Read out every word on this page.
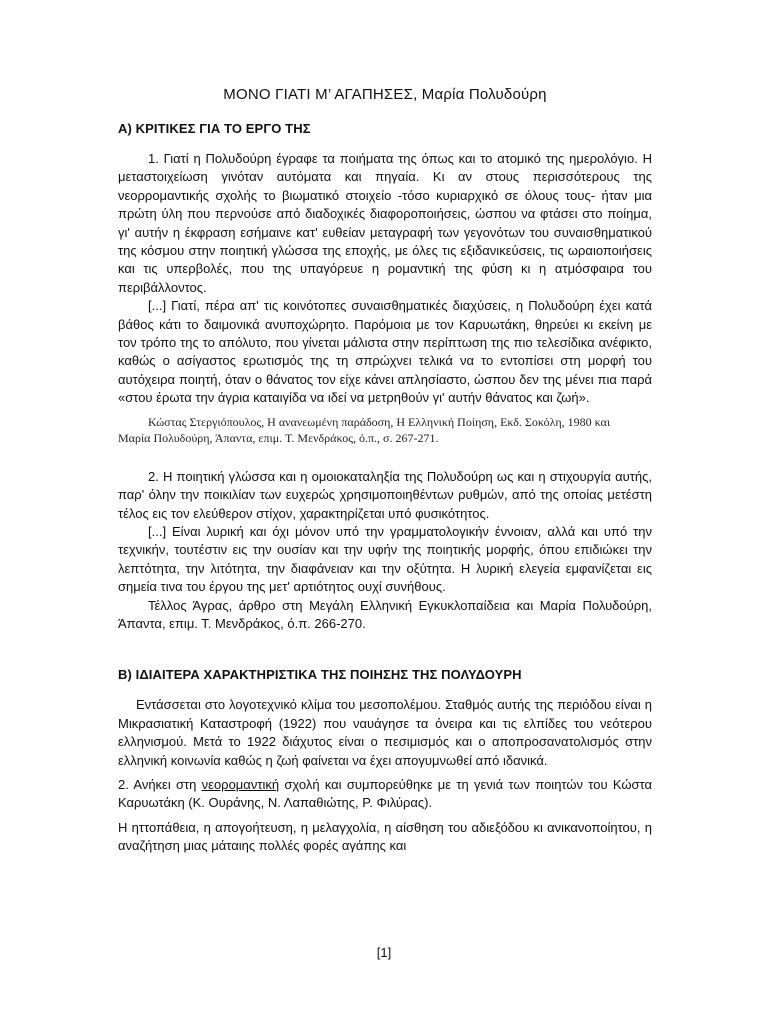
ΜΟΝΟ ΓΙΑΤΙ Μ’ ΑΓΑΠΗΣΕΣ, Μαρία Πολυδούρη
Α) ΚΡΙΤΙΚΕΣ ΓΙΑ ΤΟ ΕΡΓΟ ΤΗΣ

1. Γιατί η Πολυδούρη έγραφε τα ποιήματα της όπως και το ατομικό της ημερολόγιο. Η μεταστοιχείωση γινόταν αυτόματα και πηγαία. Κι αν στους περισσότερους της νεορρομαντικής σχολής το βιωματικό στοιχείο -τόσο κυριαρχικό σε όλους τους- ήταν μια πρώτη ύλη που περνούσε από διαδοχικές διαφοροποιήσεις, ώσπου να φτάσει στο ποίημα, γι' αυτήν η έκφραση εσήμαινε κατ' ευθείαν μεταγραφή των γεγονότων του συναισθηματικού της κόσμου στην ποιητική γλώσσα της εποχής, με όλες τις εξιδανικεύσεις, τις ωραιοποιήσεις και τις υπερβολές, που της υπαγόρευε η ρομαντική της φύση κι η ατμόσφαιρα του περιβάλλοντος.

[...] Γιατί, πέρα απ' τις κοινότοπες συναισθηματικές διαχύσεις, η Πολυδούρη έχει κατά βάθος κάτι το δαιμονικά ανυποχώρητο. Παρόμοια με τον Καρυωτάκη, θηρεύει κι εκείνη με τον τρόπο της το απόλυτο, που γίνεται μάλιστα στην περίπτωση της πιο τελεσίδικα ανέφικτο, καθώς ο ασίγαστος ερωτισμός της τη σπρώχνει τελικά να το εντοπίσει στη μορφή του αυτόχειρα ποιητή, όταν ο θάνατος τον είχε κάνει απλησίαστο, ώσπου δεν της μένει πια παρά «στου έρωτα την άγρια καταιγίδα να ιδεί να μετρηθούν γι' αυτήν θάνατος και ζωή».

Κώστας Στεργιόπουλος, Η ανανεωμένη παράδοση, Η Ελληνική Ποίηση, Εκδ. Σοκόλη, 1980 και

Μαρία Πολυδούρη, Άπαντα, επιμ. Τ. Μενδράκος, ό.π., σ. 267-271.

2. Η ποιητική γλώσσα και η ομοιοκαταληξία της Πολυδούρη ως και η στιχουργία αυτής, παρ' όλην την ποικιλίαν των ευχερώς χρησιμοποιηθέντων ρυθμών, από της οποίας μετέστη τέλος εις τον ελεύθερον στίχον, χαρακτηρίζεται υπό φυσικότητος.

[...] Είναι λυρική και όχι μόνον υπό την γραμματολογικήν έννοιαν, αλλά και υπό την τεχνικήν, τουτέστιν εις την ουσίαν και την υφήν της ποιητικής μορφής, όπου επιδιώκει την λεπτότητα, την λιτότητα, την διαφάνειαν και την οξύτητα. Η λυρική ελεγεία εμφανίζεται εις σημεία τινα του έργου της μετ' αρτιότητος ουχί συνήθους.

Τέλλος Άγρας, άρθρο στη Μεγάλη Ελληνική Εγκυκλοπαίδεια και Μαρία Πολυδούρη, Άπαντα, επιμ. Τ. Μενδράκος, ό.π. 266-270.

Β) ΙΔΙΑΙΤΕΡΑ ΧΑΡΑΚΤΗΡΙΣΤΙΚΑ ΤΗΣ ΠΟΙΗΣΗΣ ΤΗΣ ΠΟΛΥΔΟΥΡΗ

Εντάσσεται στο λογοτεχνικό κλίμα του μεσοπολέμου. Σταθμός αυτής της περιόδου είναι η Μικρασιατική Καταστροφή (1922) που ναυάγησε τα όνειρα και τις ελπίδες του νεότερου ελληνισμού. Μετά το 1922 διάχυτος είναι ο πεσιμισμός και ο αποπροσανατολισμός στην ελληνική κοινωνία καθώς η ζωή φαίνεται να έχει απογυμνωθεί από ιδανικά.

2. Ανήκει στη νεορομαντική σχολή και συμπορεύθηκε με τη γενιά των ποιητών του Κώστα Καρυωτάκη (Κ. Ουράνης, Ν. Λαπαθιώτης, Ρ. Φιλύρας).

Η ηττοπάθεια, η απογοήτευση, η μελαγχολία, η αίσθηση του αδιεξόδου κι ανικανοποίητου, η αναζήτηση μιας μάταιης πολλές φορές αγάπης και

[1]
